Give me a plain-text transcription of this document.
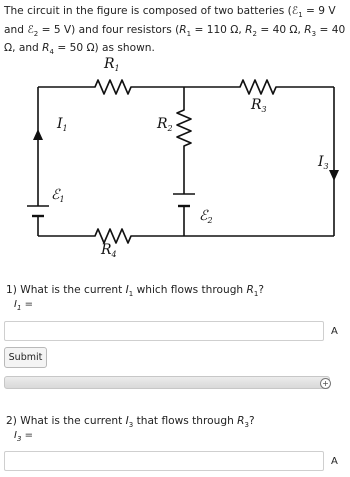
The circuit in the figure is composed of two batteries (ℰ$_1$ = 9 V and ℰ$_2$ = 5 V) and four resistors ($R_1 = 110$ Ω, $R_2 = 40$ Ω, $R_3 = 40$ Ω, and $R_4 = 50$ Ω) as shown.

$R_1$
$R_3$
$R_2$
$R_4$
$I_1$
$I_3$
ℰ$_1$
ℰ$_2$

1) What is the current $I_1$ which flows through $R_1$?

$I_1$ =
A
Submit
+

2) What is the current $I_3$ that flows through $R_3$?

$I_3$ =
A
